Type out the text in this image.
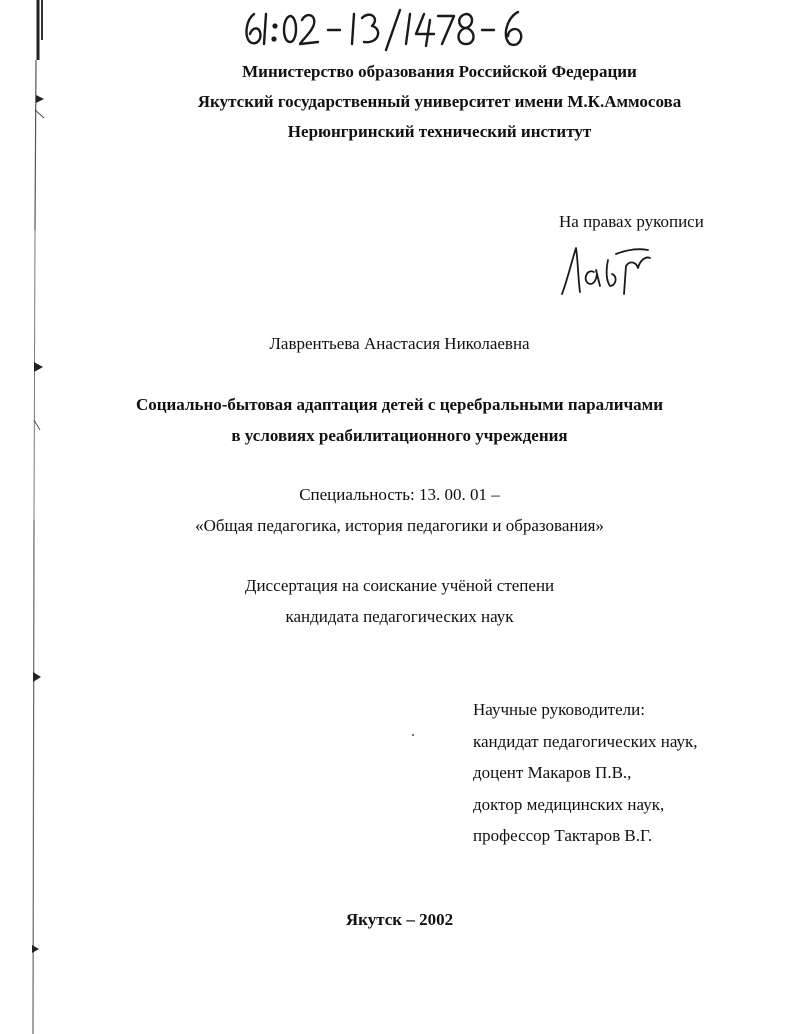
Министерство образования Российской Федерации
Якутский государственный университет имени М.К.Аммосова
Нерюнгринский технический институт
На правах рукописи
Лаврентьева Анастасия Николаевна
Социально-бытовая адаптация детей с церебральными параличами
в условиях реабилитационного учреждения
Специальность: 13. 00. 01 –
«Общая педагогика, история педагогики и образования»
Диссертация на соискание учёной степени
кандидата педагогических наук
Научные руководители:
кандидат педагогических наук,
доцент Макаров П.В.,
доктор медицинских наук,
профессор Тактаров В.Г.
Якутск – 2002
